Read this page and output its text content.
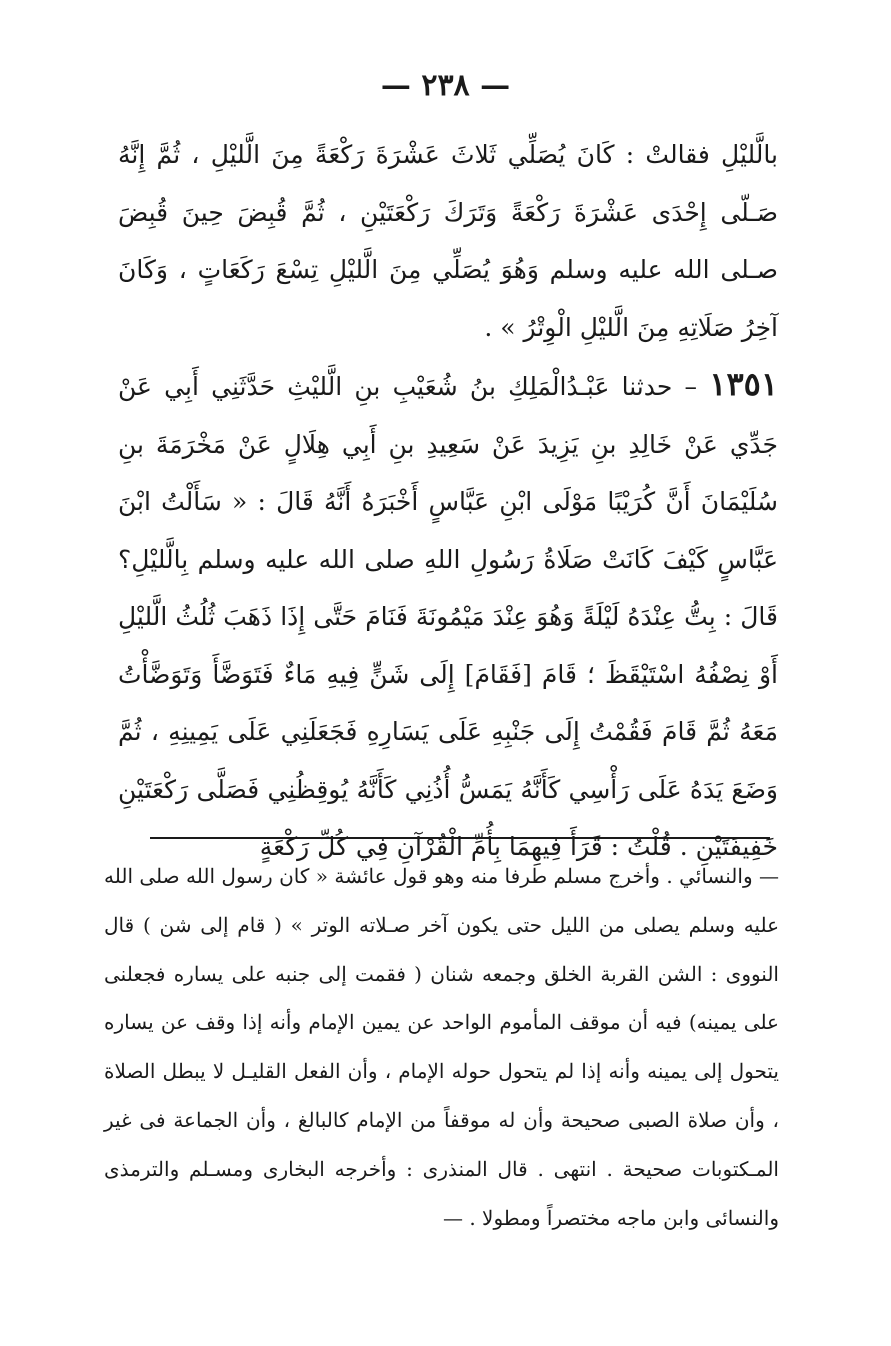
— ٢٣٨ —

بالَّليْلِ فقالتْ : كَانَ يُصَلِّي ثَلاثَ عَشْرَةَ رَكْعَةً مِنَ الَّليْلِ ، ثُمَّ إِنَّهُ صَـلّى إِحْدَى عَشْرَةَ رَكْعَةً وَتَرَكَ رَكْعَتَيْنِ ، ثُمَّ قُبِضَ حِينَ قُبِضَ صـلى الله عليه وسلم وَهُوَ يُصَلِّي مِنَ الَّليْلِ تِسْعَ رَكَعَاتٍ ، وَكَانَ آخِرُ صَلَاتِهِ مِنَ الَّليْلِ الْوِتْرُ » .

١٣٥١ – حدثنا عَبْـدُالْمَلِكِ بنُ شُعَيْبِ بنِ الَّليْثِ حَدَّثَنِي أَبِي عَنْ جَدِّي عَنْ خَالِدِ بنِ يَزِيدَ عَنْ سَعِيدِ بنِ أَبِي هِلَالٍ عَنْ مَخْرَمَةَ بنِ سُلَيْمَانَ أَنَّ كُرَيْبًا مَوْلَى ابْنِ عَبَّاسٍ أَخْبَرَهُ أَنَّهُ قَالَ : « سَأَلْتُ ابْنَ عَبَّاسٍ كَيْفَ كَانَتْ صَلَاةُ رَسُولِ اللهِ صلى الله عليه وسلم بِالَّليْلِ؟ قَالَ : بِتُّ عِنْدَهُ لَيْلَةً وَهُوَ عِنْدَ مَيْمُونَةَ فَنَامَ حَتَّى إِذَا ذَهَبَ ثُلُثُ الَّليْلِ أَوْ نِصْفُهُ اسْتَيْقَظَ ؛ قَامَ [فَقَامَ] إِلَى شَنٍّ فِيهِ مَاءٌ فَتَوَضَّأَ وَتَوَضَّأْتُ مَعَهُ ثُمَّ قَامَ فَقُمْتُ إِلَى جَنْبِهِ عَلَى يَسَارِهِ فَجَعَلَنِي عَلَى يَمِينِهِ ، ثُمَّ وَضَعَ يَدَهُ عَلَى رَأْسِي كَأَنَّهُ يَمَسُّ أُذُنِي كَأَنَّهُ يُوقِظُنِي فَصَلَّى رَكْعَتَيْنِ خَفِيفَتَيْنِ . قُلْتُ : قَرَأَ فِيهِمَا بِأُمِّ الْقُرْآنِ فِي كُلِّ رَكْعَةٍ

— والنسائي . وأخرج مسلم طرفا منه وهو قول عائشة « كان رسول الله صلى الله عليه وسلم يصلى من الليل حتى يكون آخر صـلاته الوتر » ( قام إلى شن ) قال النووى : الشن القربة الخلق وجمعه شنان ( فقمت إلى جنبه على يساره فجعلنى على يمينه) فيه أن موقف المأموم الواحد عن يمين الإمام وأنه إذا وقف عن يساره يتحول إلى يمينه وأنه إذا لم يتحول حوله الإمام ، وأن الفعل القليـل لا يبطل الصلاة ، وأن صلاة الصبى صحيحة وأن له موقفاً من الإمام كالبالغ ، وأن الجماعة فى غير المـكتوبات صحيحة . انتهى . قال المنذرى : وأخرجه البخارى ومسـلم والترمذى والنسائى وابن ماجه مختصراً ومطولا . —
